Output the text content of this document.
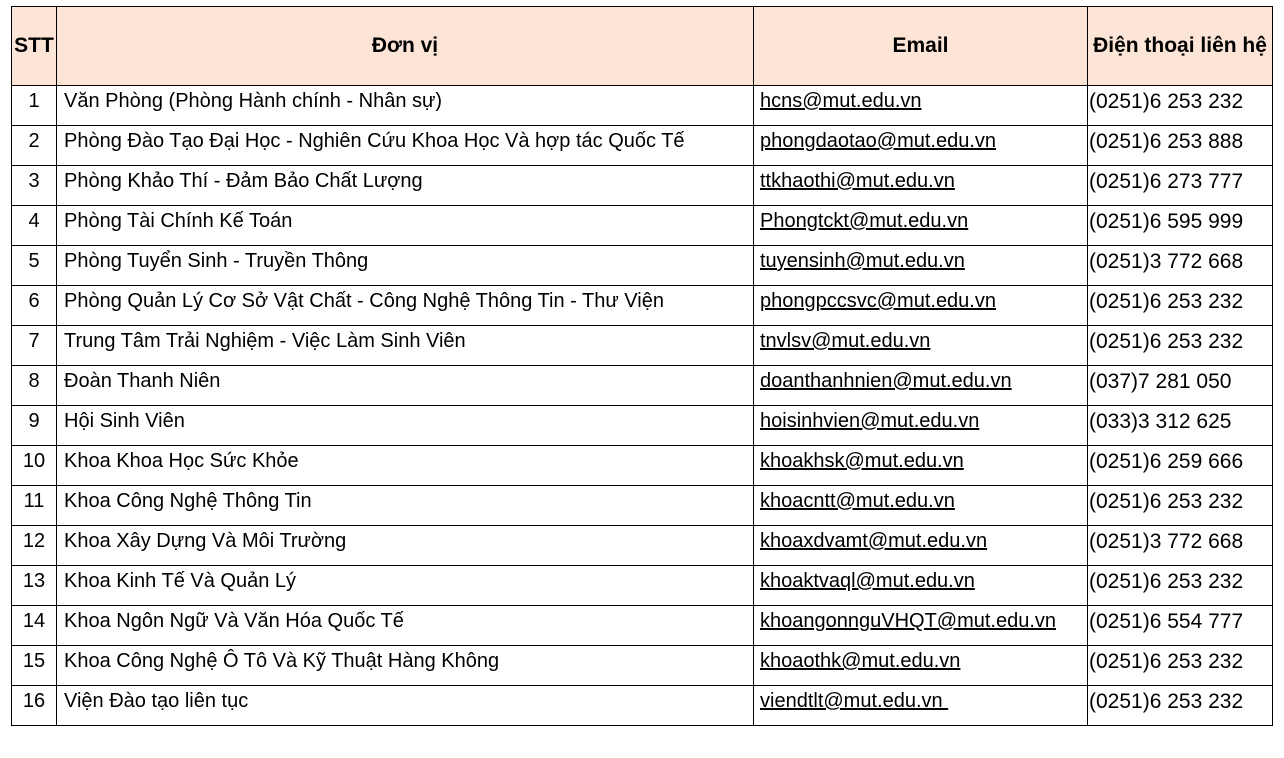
STT	Đơn vị	Email	Điện thoại liên hệ
1	Văn Phòng (Phòng Hành chính - Nhân sự)	hcns@mut.edu.vn	(0251)6 253 232
2	Phòng Đào Tạo Đại Học - Nghiên Cứu Khoa Học Và hợp tác Quốc Tế	phongdaotao@mut.edu.vn	(0251)6 253 888
3	Phòng Khảo Thí - Đảm Bảo Chất Lượng	ttkhaothi@mut.edu.vn	(0251)6 273 777
4	Phòng Tài Chính Kế Toán	Phongtckt@mut.edu.vn	(0251)6 595 999
5	Phòng Tuyển Sinh - Truyền Thông	tuyensinh@mut.edu.vn	(0251)3 772 668
6	Phòng Quản Lý Cơ Sở Vật Chất - Công Nghệ Thông Tin - Thư Viện	phongpccsvc@mut.edu.vn	(0251)6 253 232
7	Trung Tâm Trải Nghiệm - Việc Làm Sinh Viên	tnvlsv@mut.edu.vn	(0251)6 253 232
8	Đoàn Thanh Niên	doanthanhnien@mut.edu.vn	(037)7 281 050
9	Hội Sinh Viên	hoisinhvien@mut.edu.vn	(033)3 312 625
10	Khoa Khoa Học Sức Khỏe	khoakhsk@mut.edu.vn	(0251)6 259 666
11	Khoa Công Nghệ Thông Tin	khoacntt@mut.edu.vn	(0251)6 253 232
12	Khoa Xây Dựng Và Môi Trường	khoaxdvamt@mut.edu.vn	(0251)3 772 668
13	Khoa Kinh Tế Và Quản Lý	khoaktvaql@mut.edu.vn	(0251)6 253 232
14	Khoa Ngôn Ngữ Và Văn Hóa Quốc Tế	khoangonnguVHQT@mut.edu.vn	(0251)6 554 777
15	Khoa Công Nghệ Ô Tô Và Kỹ Thuật Hàng Không	khoaothk@mut.edu.vn	(0251)6 253 232
16	Viện Đào tạo liên tục	viendtlt@mut.edu.vn	(0251)6 253 232
